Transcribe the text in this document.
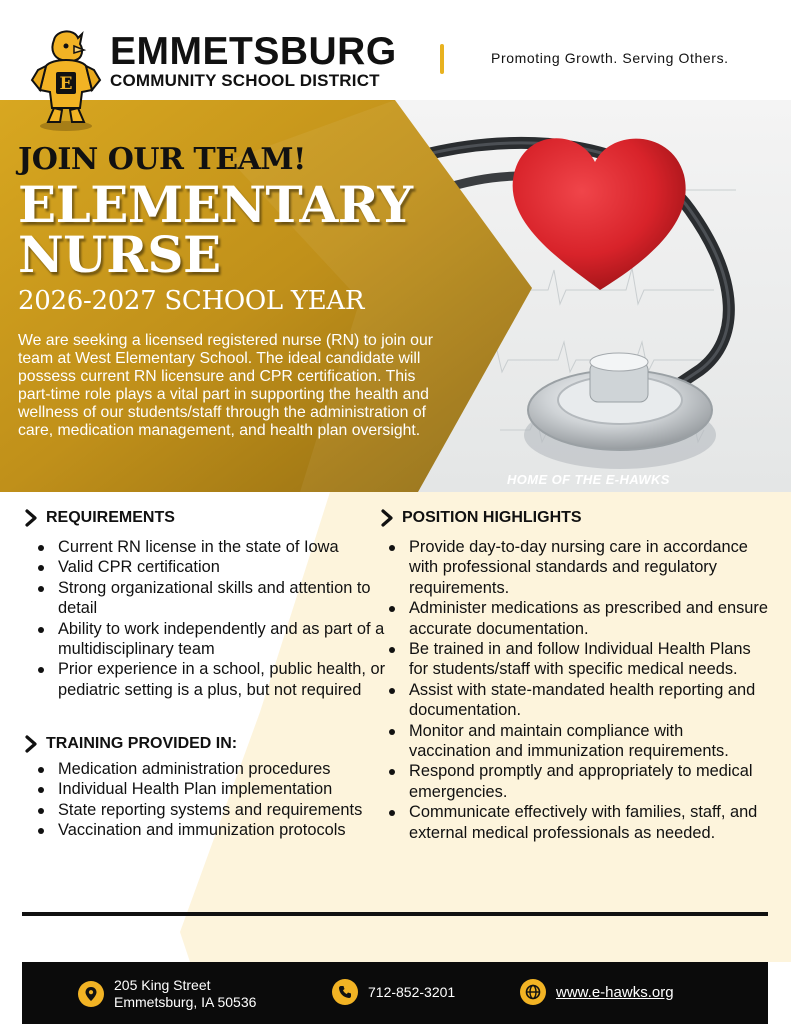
EMMETSBURG
COMMUNITY SCHOOL DISTRICT
Promoting Growth. Serving Others.
E
JOIN OUR TEAM!
ELEMENTARY
NURSE
2026-2027 SCHOOL YEAR
We are seeking a licensed registered nurse (RN) to join our team at West Elementary School. The ideal candidate will possess current RN licensure and CPR certification. This part-time role plays a vital part in supporting the health and wellness of our students/staff through the administration of care, medication management, and health plan oversight.
HOME OF THE E-HAWKS
REQUIREMENTS
Current RN license in the state of Iowa
Valid CPR certification
Strong organizational skills and attention to detail
Ability to work independently and as part of a multidisciplinary team
Prior experience in a school, public health, or pediatric setting is a plus, but not required
TRAINING PROVIDED IN:
Medication administration procedures
Individual Health Plan implementation
State reporting systems and requirements
Vaccination and immunization protocols
POSITION HIGHLIGHTS
Provide day-to-day nursing care in accordance with professional standards and regulatory requirements.
Administer medications as prescribed and ensure accurate documentation.
Be trained in and follow Individual Health Plans for students/staff with specific medical needs.
Assist with state-mandated health reporting and documentation.
Monitor and maintain compliance with vaccination and immunization requirements.
Respond promptly and appropriately to medical emergencies.
Communicate effectively with families, staff, and external medical professionals as needed.
205 King Street
Emmetsburg, IA 50536
712-852-3201	www.e-hawks.org
